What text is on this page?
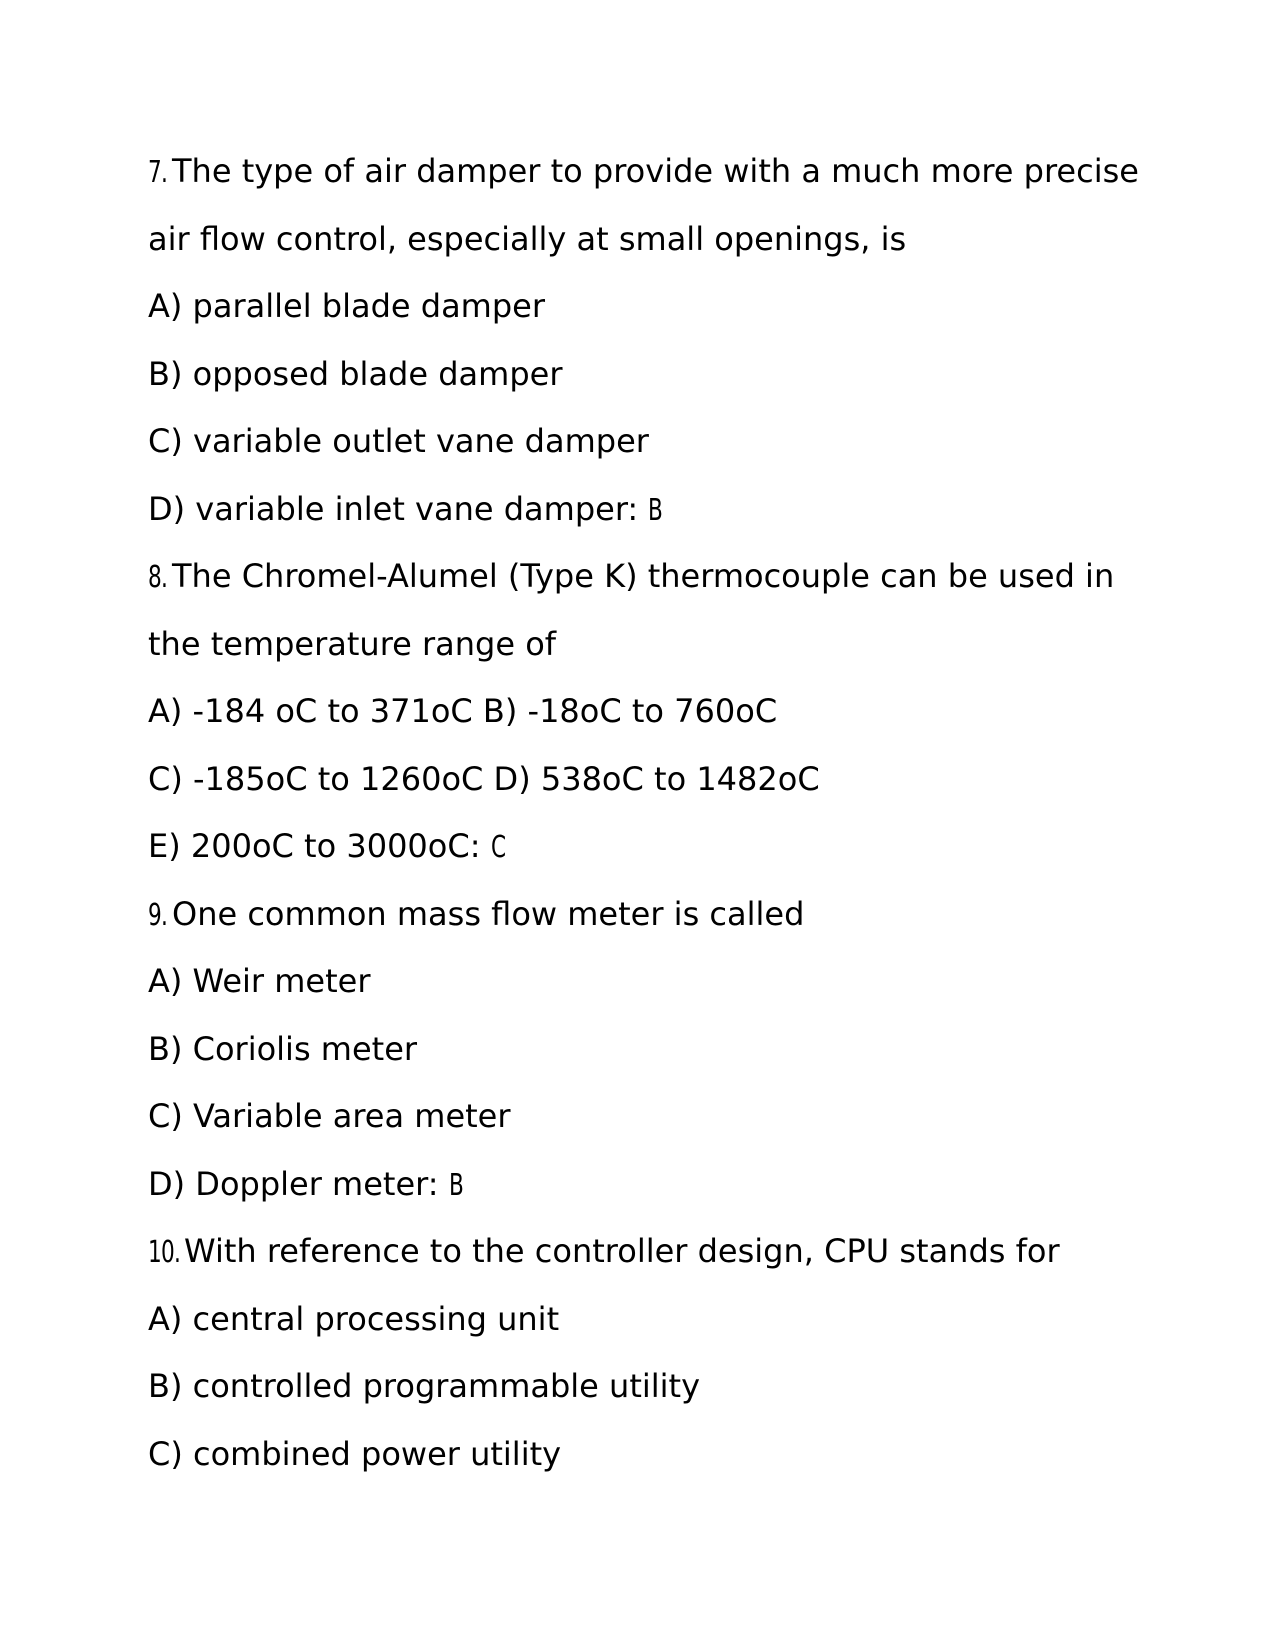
7. The type of air damper to provide with a much more precise
air flow control, especially at small openings, is
A) parallel blade damper
B) opposed blade damper
C) variable outlet vane damper
D) variable inlet vane damper: B
8. The Chromel-Alumel (Type K) thermocouple can be used in
the temperature range of
A) -184 oC to 371oC B) -18oC to 760oC
C) -185oC to 1260oC D) 538oC to 1482oC
E) 200oC to 3000oC: C
9. One common mass flow meter is called
A) Weir meter
B) Coriolis meter
C) Variable area meter
D) Doppler meter: B
10. With reference to the controller design, CPU stands for
A) central processing unit
B) controlled programmable utility
C) combined power utility
